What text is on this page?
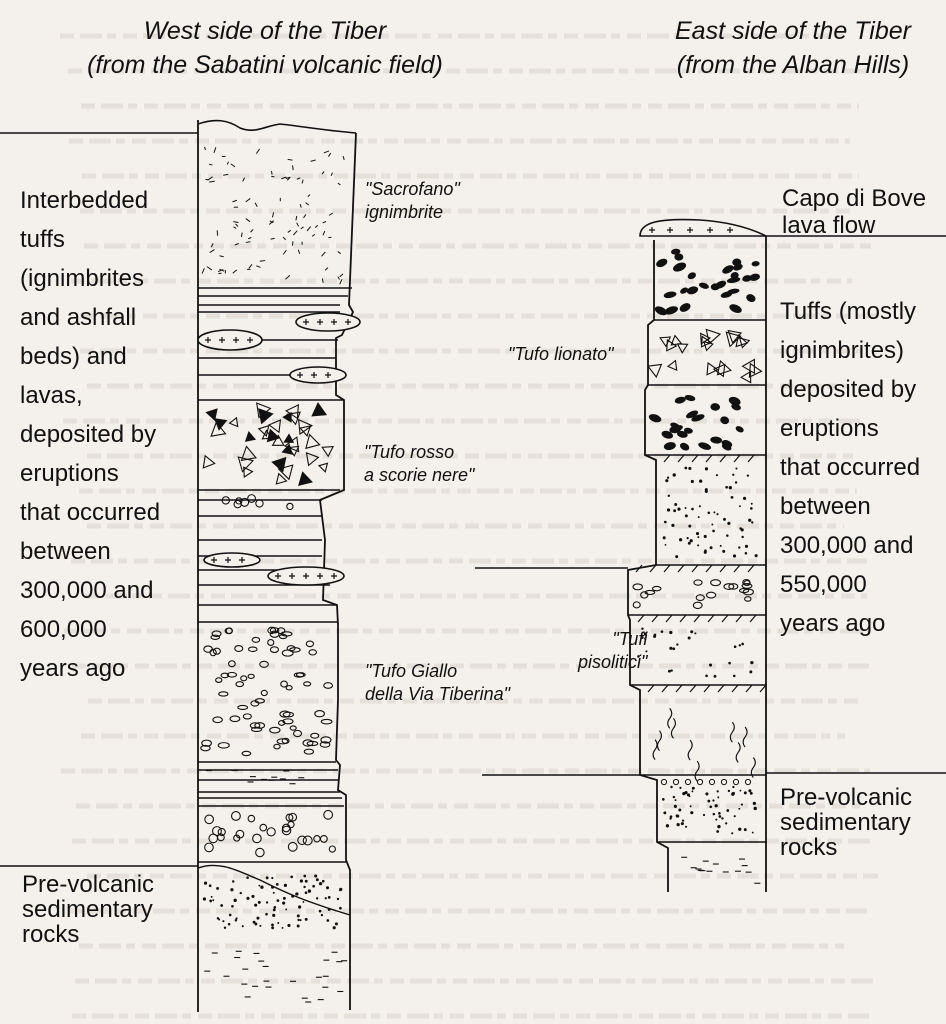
West side of the Tiber
(from the Sabatini volcanic field)
East side of the Tiber
(from the Alban Hills)
Interbedded
tuffs
(ignimbrites
and ashfall
beds) and
lavas,
deposited by
eruptions
that occurred
between
300,000 and
600,000
years ago
Pre-volcanic
sedimentary
rocks
"Sacrofano"
ignimbrite
"Tufo rosso
a scorie nere"
"Tufo Giallo
della Via Tiberina"
Capo di Bove
lava flow
Tuffs (mostly
ignimbrites)
deposited by
eruptions
that occurred
between
300,000 and
550,000
years ago
Pre-volcanic
sedimentary
rocks
"Tufo lionato"
"Tufi
pisolitici"
